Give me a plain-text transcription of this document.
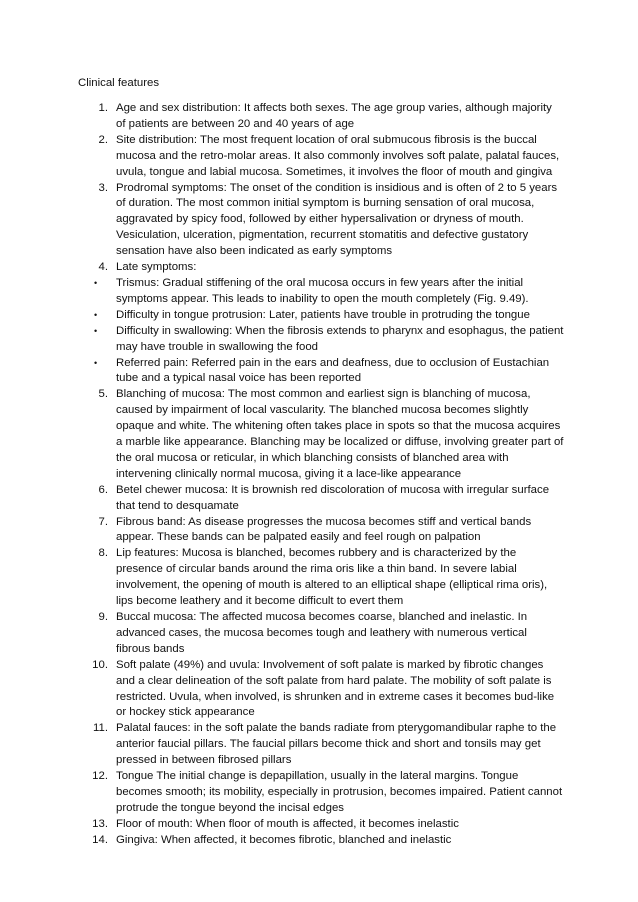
Clinical features
1. Age and sex distribution: It affects both sexes. The age group varies, although majority of patients are between 20 and 40 years of age
2. Site distribution: The most frequent location of oral submucous fibrosis is the buccal mucosa and the retro-molar areas. It also commonly involves soft palate, palatal fauces, uvula, tongue and labial mucosa. Sometimes, it involves the floor of mouth and gingiva
3. Prodromal symptoms: The onset of the condition is insidious and is often of 2 to 5 years of duration. The most common initial symptom is burning sensation of oral mucosa, aggravated by spicy food, followed by either hypersalivation or dryness of mouth. Vesiculation, ulceration, pigmentation, recurrent stomatitis and defective gustatory sensation have also been indicated as early symptoms
4. Late symptoms:
•	Trismus: Gradual stiffening of the oral mucosa occurs in few years after the initial symptoms appear. This leads to inability to open the mouth completely (Fig. 9.49).
•	Difficulty in tongue protrusion: Later, patients have trouble in protruding the tongue
•	Difficulty in swallowing: When the fibrosis extends to pharynx and esophagus, the patient may have trouble in swallowing the food
•	Referred pain: Referred pain in the ears and deafness, due to occlusion of Eustachian tube and a typical nasal voice has been reported
5. Blanching of mucosa: The most common and earliest sign is blanching of mucosa, caused by impairment of local vascularity. The blanched mucosa becomes slightly opaque and white. The whitening often takes place in spots so that the mucosa acquires a marble like appearance. Blanching may be localized or diffuse, involving greater part of the oral mucosa or reticular, in which blanching consists of blanched area with intervening clinically normal mucosa, giving it a lace-like appearance
6. Betel chewer mucosa: It is brownish red discoloration of mucosa with irregular surface that tend to desquamate
7. Fibrous band: As disease progresses the mucosa becomes stiff and vertical bands appear. These bands can be palpated easily and feel rough on palpation
8. Lip features: Mucosa is blanched, becomes rubbery and is characterized by the presence of circular bands around the rima oris like a thin band. In severe labial involvement, the opening of mouth is altered to an elliptical shape (elliptical rima oris), lips become leathery and it become difficult to evert them
9. Buccal mucosa: The affected mucosa becomes coarse, blanched and inelastic. In advanced cases, the mucosa becomes tough and leathery with numerous vertical fibrous bands
10. Soft palate (49%) and uvula: Involvement of soft palate is marked by fibrotic changes and a clear delineation of the soft palate from hard palate. The mobility of soft palate is restricted. Uvula, when involved, is shrunken and in extreme cases it becomes bud-like or hockey stick appearance
11. Palatal fauces: in the soft palate the bands radiate from pterygomandibular raphe to the anterior faucial pillars. The faucial pillars become thick and short and tonsils may get pressed in between fibrosed pillars
12. Tongue The initial change is depapillation, usually in the lateral margins. Tongue becomes smooth; its mobility, especially in protrusion, becomes impaired. Patient cannot protrude the tongue beyond the incisal edges
13. Floor of mouth: When floor of mouth is affected, it becomes inelastic
14. Gingiva: When affected, it becomes fibrotic, blanched and inelastic
